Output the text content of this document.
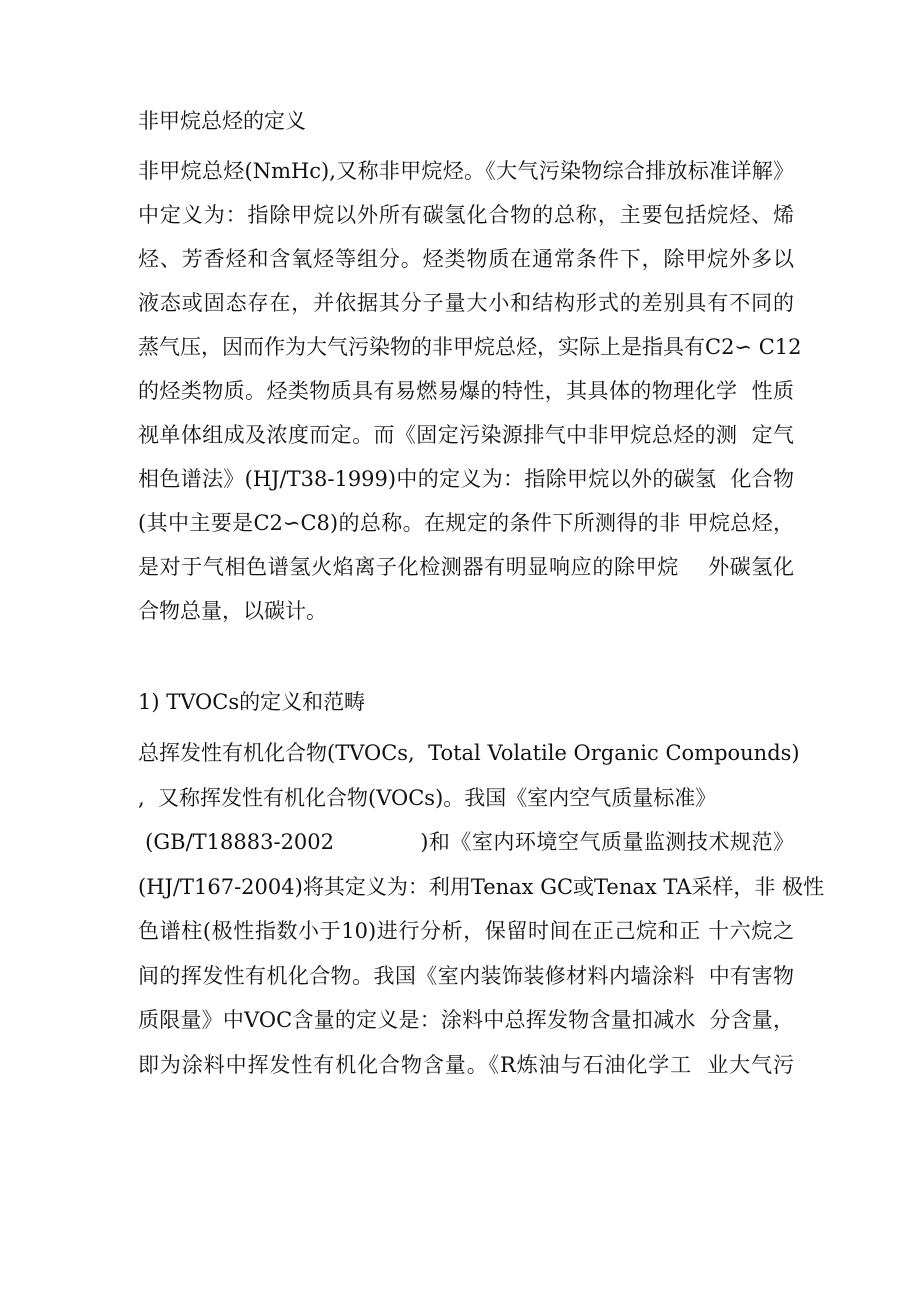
非甲烷总烃的定义
非甲烷总烃(NmHc),又称非甲烷烃。《大气污染物综合排放标准详解》
中定义为：指除甲烷以外所有碳氢化合物的总称，主要包括烷烃、烯
烃、芳香烃和含氧烃等组分。烃类物质在通常条件下，除甲烷外多以
液态或固态存在，并依据其分子量大小和结构形式的差别具有不同的
蒸气压，因而作为大气污染物的非甲烷总烃，实际上是指具有C2∽ C12
的烃类物质。烃类物质具有易燃易爆的特性，其具体的物理化学  性质
视单体组成及浓度而定。而《固定污染源排气中非甲烷总烃的测  定气
相色谱法》(HJ/T38-1999)中的定义为：指除甲烷以外的碳氢  化合物
(其中主要是C2∽C8)的总称。在规定的条件下所测得的非 甲烷总烃，
是对于气相色谱氢火焰离子化检测器有明显响应的除甲烷    外碳氢化
合物总量，以碳计。
1) TVOCs的定义和范畴
总挥发性有机化合物(TVOCs,  Total Volatile Organic Compounds)
,  又称挥发性有机化合物(VOCs)。我国《室内空气质量标准》
(GB/T18883-2002            )和《室内环境空气质量监测技术规范》
(HJ/T167-2004)将其定义为：利用Tenax GC或Tenax TA采样，非 极性
色谱柱(极性指数小于10)进行分析，保留时间在正己烷和正 十六烷之
间的挥发性有机化合物。我国《室内装饰装修材料内墙涂料  中有害物
质限量》中VOC含量的定义是：涂料中总挥发物含量扣减水  分含量，
即为涂料中挥发性有机化合物含量。《R炼油与石油化学工  业大气污
